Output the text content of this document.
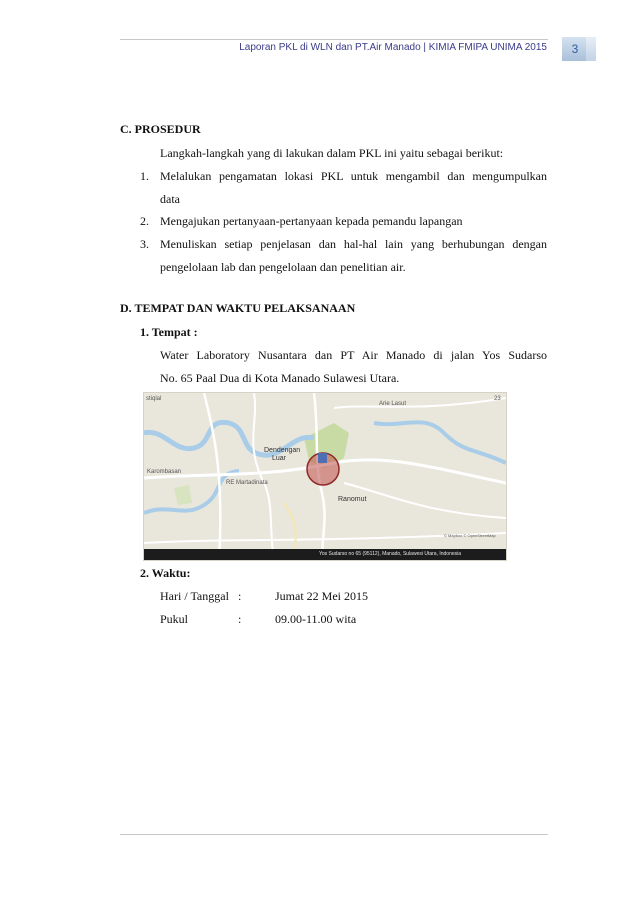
Laporan PKL di WLN dan PT.Air Manado | KIMIA FMIPA UNIMA 2015	3
C. PROSEDUR
Langkah-langkah yang di lakukan dalam PKL ini yaitu sebagai berikut:
1. Melalukan pengamatan lokasi PKL untuk mengambil dan mengumpulkan
data
2. Mengajukan pertanyaan-pertanyaan kepada pemandu lapangan
3. Menuliskan setiap penjelasan dan hal-hal lain yang berhubungan dengan
pengelolaan lab dan pengelolaan dan penelitian air.
D. TEMPAT DAN WAKTU PELAKSANAAN
1. Tempat :
Water Laboratory Nusantara dan PT Air Manado di jalan Yos Sudarso
No. 65 Paal Dua di Kota Manado Sulawesi Utara.
stiqlal
Dendengan
Luar
Ranomut
Arie Lasut
RE Martadinata
Karombasan
23
© Mapbox © OpenStreetMap
Yos Sudarso no 65 (95112), Manado, Sulawesi Utara, Indonesia
2. Waktu:
Hari / Tanggal :	Jumat 22 Mei 2015
Pukul	:	09.00-11.00 wita
